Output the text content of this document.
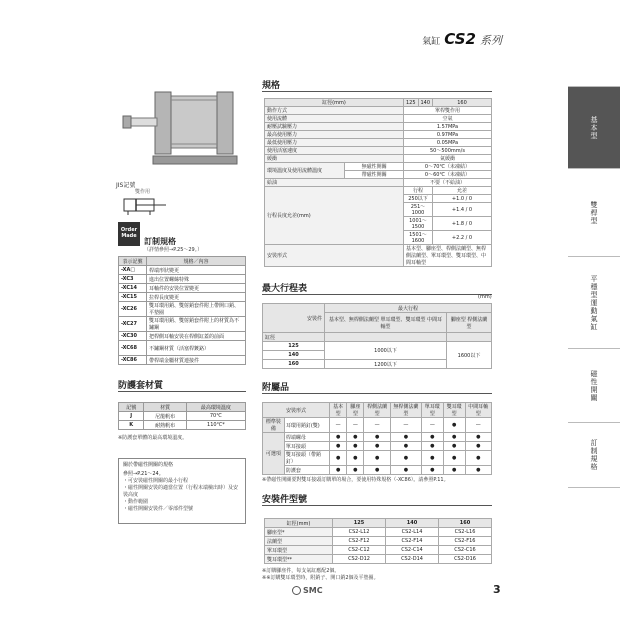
氣缸 CS2 系列
基本型
雙桿型
平穩型運動氣缸
磁性開關
訂制規格
JIS記號
雙作用
Order Made
訂制規格
（詳情參照→P.25～29。）
表示記號	規格／內容
-XA□	桿端形狀變更
-XC3	進出位置螺絲特殊
-XC14	耳軸件的安裝位置變更
-XC15	拉桿長度變更
-XC26	雙耳環用銷、雙射銷套件附上帶開口銷、平墊圈
-XC27	雙耳環用銷、雙射銷套件附上的材質為不鏽鋼
-XC30	把桿側耳軸安裝在桿側缸蓋的前面
-XC68	不鏽鋼材質（活塞桿鍍鉻）
-XC86	帶桿端金屬材質連接件
防護套材質
記號	材質	最高環境溫度
J	尼龍帆布	70℃
K	耐熱帆布	110℃*
※防護套單體的最高環境溫度。
關於帶磁性開關的規格
參照→P.21～24。
・可安裝磁性開關的最小行程
・磁性開關安裝的適當位置（行程末端檢出時）及安裝高度
・動作範圍
・磁性開關安裝件／零部件型號
規格
缸徑(mm)		125	140	160
動作方式		單桿雙作用		
使用流體		空氣		
耐壓試驗壓力		1.57MPa		
最高使用壓力		0.97MPa		
最低使用壓力		0.05MPa		
使用活塞速度		50～500mm/s		
緩衝		氣緩衝		
環境溫度及使用流體溫度	無磁性開關	0～70℃（未凍結）		
	帶磁性開關	0～60℃（未凍結）		
給油		不要（不給油）		
行程長度允差(mm)		行程		允差
		250以下		+1.0 / 0
		251～1000		+1.4 / 0
		1001～1500		+1.8 / 0
		1501～1600		+2.2 / 0
安裝形式		基本型、腳座型、桿側法蘭型、無桿側法蘭型、單耳環型、雙耳環型、中間耳軸型		
最大行程表
(mm)
安裝件	最大行程	
	基本型、無桿側法蘭型 單耳環型、雙耳環型 中間耳軸型	腳座型 桿側法蘭型
缸徑		
125	1000以下	1600以下
140		
160	1200以下	
附屬品
安裝形式		基本型	腳座型	桿側法蘭型	無桿側法蘭型	單耳環型	雙耳環型	中間耳軸型
標準裝備	耳環用銷釘(雙)	—	—	—	—	—	●	—
可選項	桿端螺母	●	●	●	●	●	●	●
	單耳接頭	●	●	●	●	●	●	●
	雙耳接頭（帶銷釘）	●	●	●	●	●	●	●
	防護套	●	●	●	●	●	●	●
※帶磁性開關要對雙耳接頭訂購單的場合，要使用特殊規格（-XC86）。請參照P.11。
安裝件型號
缸徑(mm)	125	140	160
腳座型*	CS2-L12	CS2-L14	CS2-L16
法蘭型	CS2-F12	CS2-F14	CS2-F16
單耳環型	CS2-C12	CS2-C14	CS2-C16
雙耳環型**	CS2-D12	CS2-D14	CS2-D16
※訂購腳座件，每支氣缸應配2個。
※※訂購雙耳環型時，附銷子、開口銷2個及平墊圈。
SMC	3
